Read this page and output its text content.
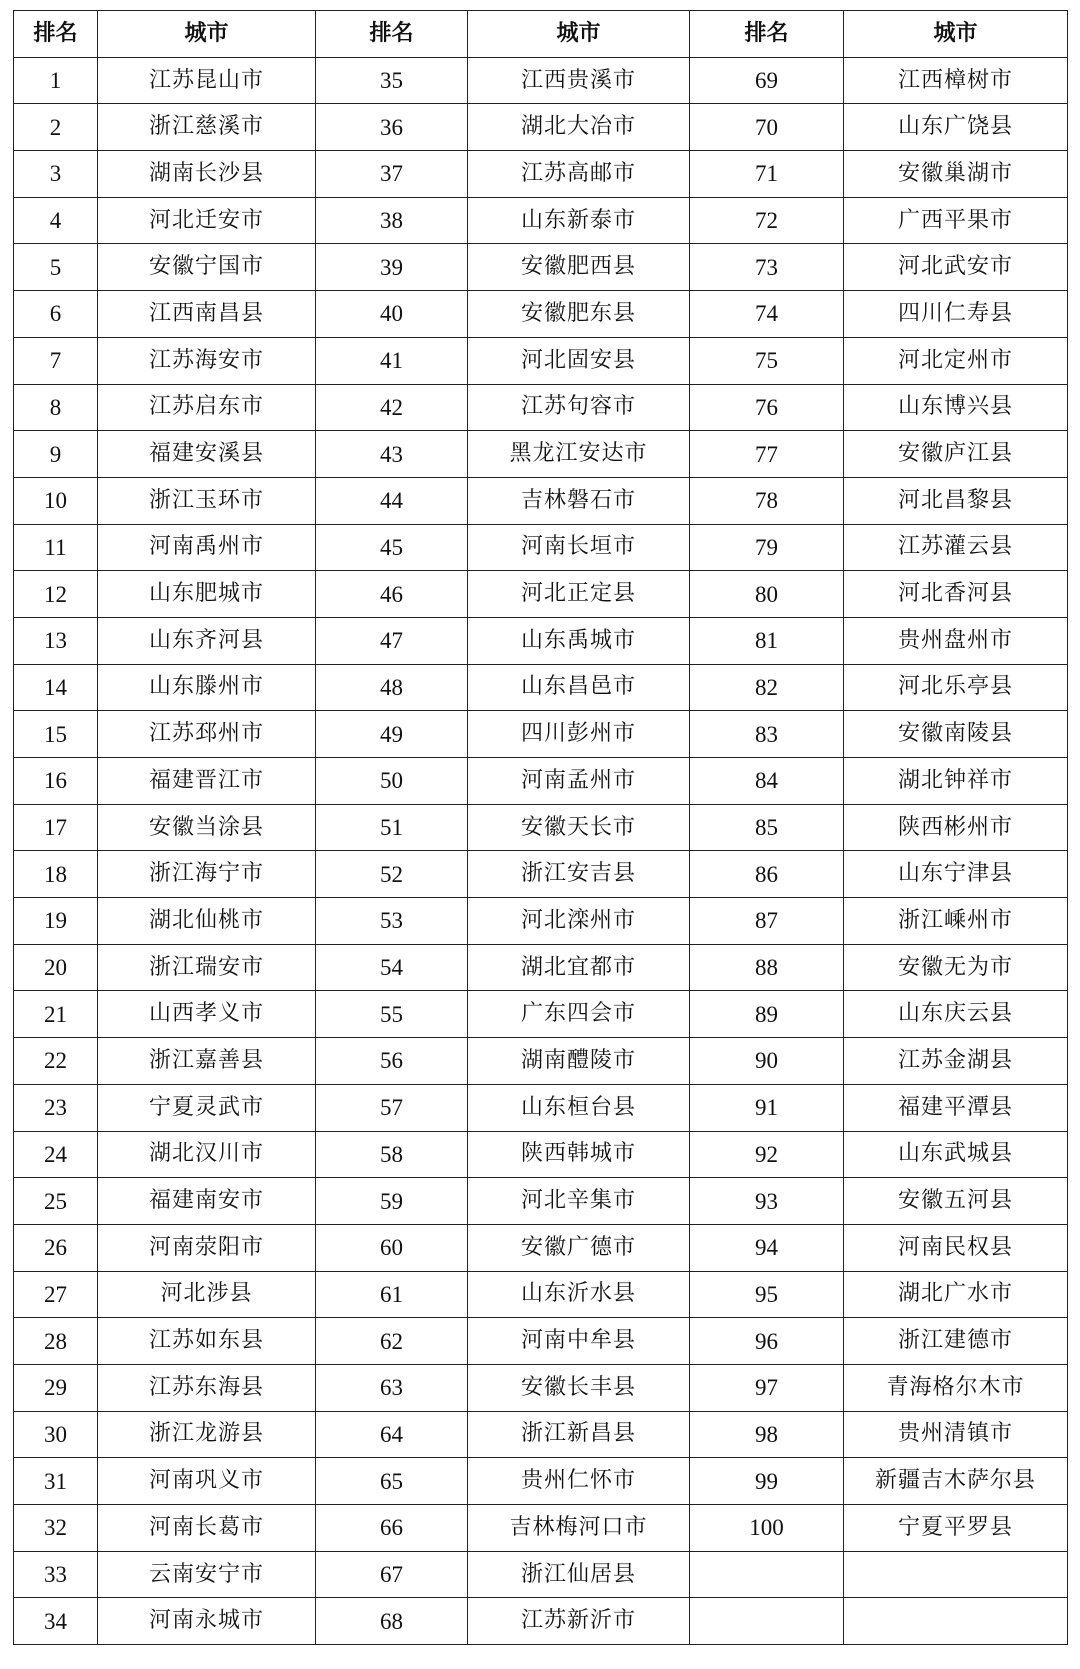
排名	城市	排名	城市	排名	城市
1	江苏昆山市	35	江西贵溪市	69	江西樟树市
2	浙江慈溪市	36	湖北大冶市	70	山东广饶县
3	湖南长沙县	37	江苏高邮市	71	安徽巢湖市
4	河北迁安市	38	山东新泰市	72	广西平果市
5	安徽宁国市	39	安徽肥西县	73	河北武安市
6	江西南昌县	40	安徽肥东县	74	四川仁寿县
7	江苏海安市	41	河北固安县	75	河北定州市
8	江苏启东市	42	江苏句容市	76	山东博兴县
9	福建安溪县	43	黑龙江安达市	77	安徽庐江县
10	浙江玉环市	44	吉林磐石市	78	河北昌黎县
11	河南禹州市	45	河南长垣市	79	江苏灌云县
12	山东肥城市	46	河北正定县	80	河北香河县
13	山东齐河县	47	山东禹城市	81	贵州盘州市
14	山东滕州市	48	山东昌邑市	82	河北乐亭县
15	江苏邳州市	49	四川彭州市	83	安徽南陵县
16	福建晋江市	50	河南孟州市	84	湖北钟祥市
17	安徽当涂县	51	安徽天长市	85	陕西彬州市
18	浙江海宁市	52	浙江安吉县	86	山东宁津县
19	湖北仙桃市	53	河北滦州市	87	浙江嵊州市
20	浙江瑞安市	54	湖北宜都市	88	安徽无为市
21	山西孝义市	55	广东四会市	89	山东庆云县
22	浙江嘉善县	56	湖南醴陵市	90	江苏金湖县
23	宁夏灵武市	57	山东桓台县	91	福建平潭县
24	湖北汉川市	58	陕西韩城市	92	山东武城县
25	福建南安市	59	河北辛集市	93	安徽五河县
26	河南荥阳市	60	安徽广德市	94	河南民权县
27	河北涉县	61	山东沂水县	95	湖北广水市
28	江苏如东县	62	河南中牟县	96	浙江建德市
29	江苏东海县	63	安徽长丰县	97	青海格尔木市
30	浙江龙游县	64	浙江新昌县	98	贵州清镇市
31	河南巩义市	65	贵州仁怀市	99	新疆吉木萨尔县
32	河南长葛市	66	吉林梅河口市	100	宁夏平罗县
33	云南安宁市	67	浙江仙居县		
34	河南永城市	68	江苏新沂市		
